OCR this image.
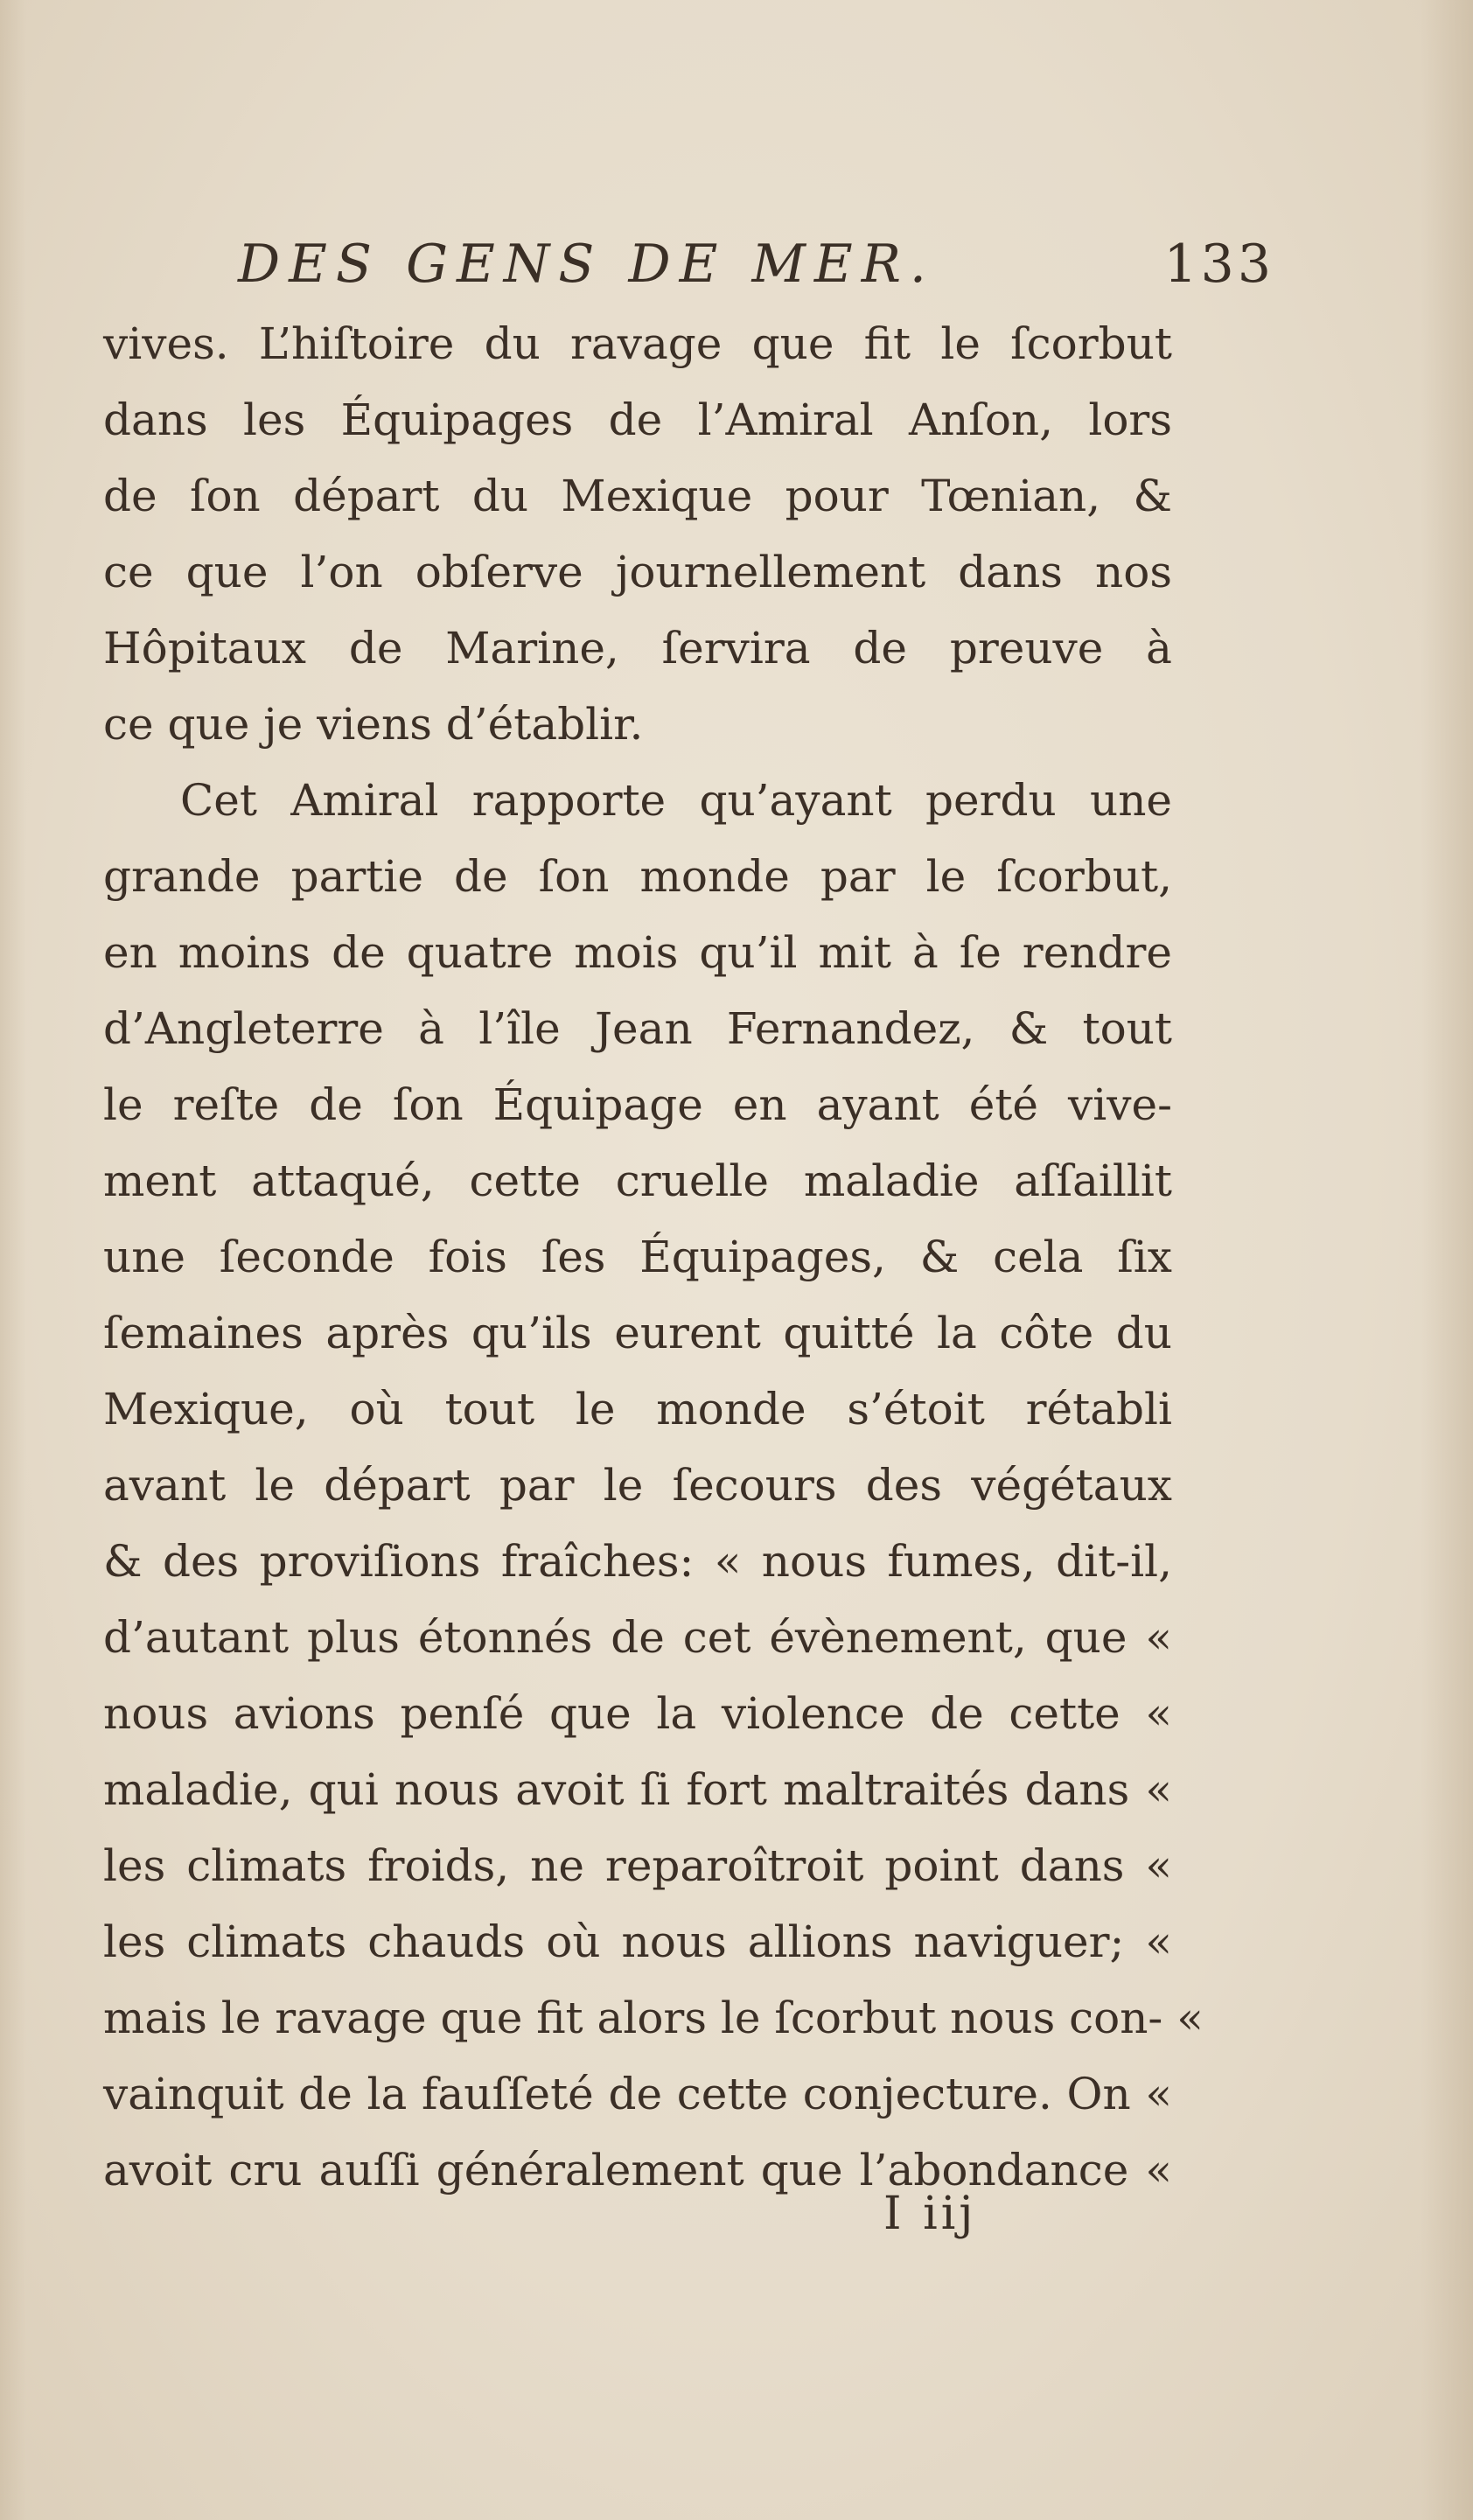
DES GENS DE MER.	133
vives. L’hiſtoire du ravage que fit le ſcorbut
dans les Équipages de l’Amiral Anſon, lors
de ſon départ du Mexique pour Tœnian, &
ce que l’on obſerve journellement dans nos
Hôpitaux de Marine, ſervira de preuve à
ce que je viens d’établir.
Cet Amiral rapporte qu’ayant perdu une
grande partie de ſon monde par le ſcorbut,
en moins de quatre mois qu’il mit à ſe rendre
d’Angleterre à l’île Jean Fernandez, & tout
le reſte de ſon Équipage en ayant été vive-
ment attaqué, cette cruelle maladie aſſaillit
une ſeconde fois ſes Équipages, & cela ſix
ſemaines après qu’ils eurent quitté la côte du
Mexique, où tout le monde s’étoit rétabli
avant le départ par le ſecours des végétaux
& des proviſions fraîches: « nous fumes, dit-il,
d’autant plus étonnés de cet évènement, que «
nous avions penſé que la violence de cette «
maladie, qui nous avoit ſi fort maltraités dans «
les climats froids, ne reparoîtroit point dans «
les climats chauds où nous allions naviguer; «
mais le ravage que fit alors le ſcorbut nous con- «
vainquit de la fauſſeté de cette conjecture. On «
avoit cru auſſi généralement que l’abondance «
I iij
